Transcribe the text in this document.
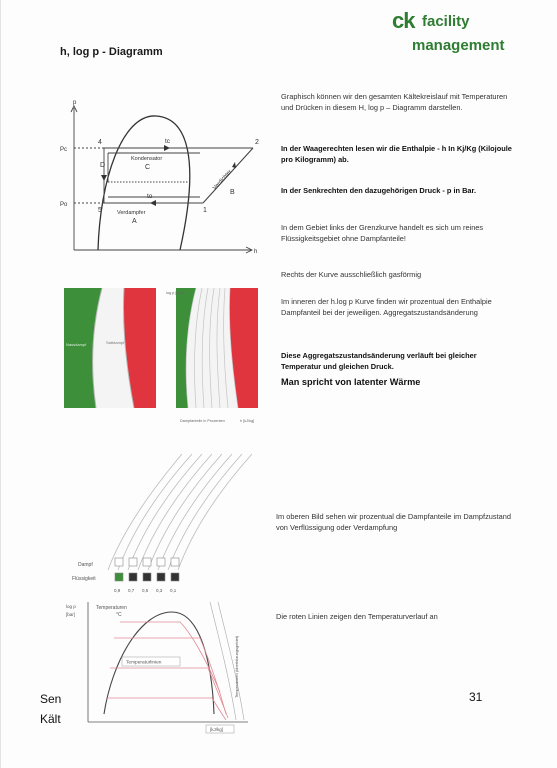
ck facility
management
h, log p - Diagramm
p
h
Pc
Po
4	2
5	1
tc
to
Kondensator
C
Verdampfer
A
D
Verdichter
B
Nassdampf	Sattdampf
log p [bar]
Dampfanteile in Prozenten	h [kJ/kg]
Dampf
Flüssigkeit
0,9 0,7 0,5 0,3 0,1
log p
[bar]
Temperaturen
°C
Temperaturlinien	Temperaturen (überhitzungsgebiet)
[kJ/kg]
Graphisch können wir den gesamten Kältekreislauf mit Temperaturen und Drücken in diesem H, log p – Diagramm darstellen.
In der Waagerechten lesen wir die Enthalpie - h In Kj/Kg (Kilojoule pro Kilogramm) ab.
In der Senkrechten den dazugehörigen Druck - p in Bar.
In dem Gebiet links der Grenzkurve handelt es sich um reines Flüssigkeitsgebiet ohne Dampfanteile!
Rechts der Kurve ausschließlich gasförmig
Im inneren der h.log p Kurve finden wir prozentual den Enthalpie Dampfanteil bei der jeweiligen. Aggregatszustandsänderung
Diese Aggregatszustandsänderung verläuft bei gleicher Temperatur und gleichen Druck.
Man spricht von latenter Wärme
Im oberen Bild sehen wir prozentual die Dampfanteile im Dampfzustand von Verflüssigung oder Verdampfung
Die roten Linien zeigen den Temperaturverlauf an
Sen
Kält
31
